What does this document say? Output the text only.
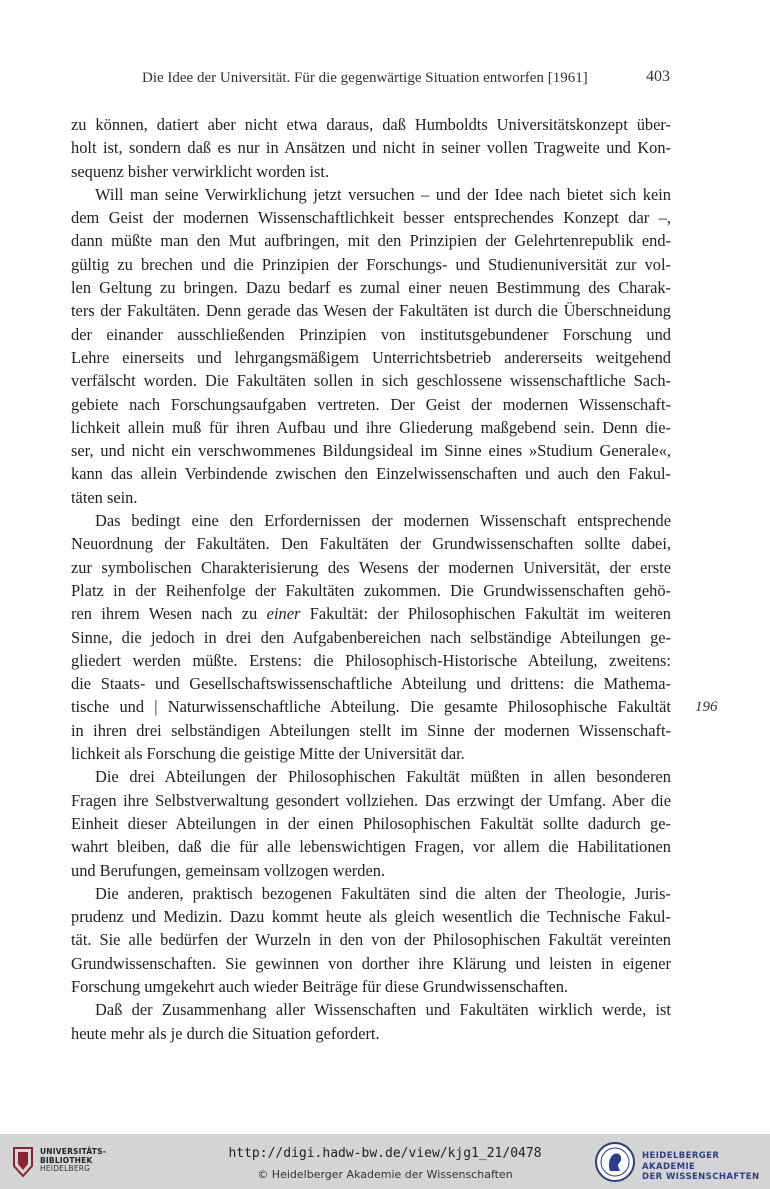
Die Idee der Universität. Für die gegenwärtige Situation entworfen [1961]	403
zu können, datiert aber nicht etwa daraus, daß Humboldts Universitätskonzept über-
holt ist, sondern daß es nur in Ansätzen und nicht in seiner vollen Tragweite und Kon-
sequenz bisher verwirklicht worden ist.
Will man seine Verwirklichung jetzt versuchen – und der Idee nach bietet sich kein
dem Geist der modernen Wissenschaftlichkeit besser entsprechendes Konzept dar –,
dann müßte man den Mut aufbringen, mit den Prinzipien der Gelehrtenrepublik end-
gültig zu brechen und die Prinzipien der Forschungs- und Studienuniversität zur vol-
len Geltung zu bringen. Dazu bedarf es zumal einer neuen Bestimmung des Charak-
ters der Fakultäten. Denn gerade das Wesen der Fakultäten ist durch die Überschneidung
der einander ausschließenden Prinzipien von institutsgebundener Forschung und
Lehre einerseits und lehrgangsmäßigem Unterrichtsbetrieb andererseits weitgehend
verfälscht worden. Die Fakultäten sollen in sich geschlossene wissenschaftliche Sach-
gebiete nach Forschungsaufgaben vertreten. Der Geist der modernen Wissenschaft-
lichkeit allein muß für ihren Aufbau und ihre Gliederung maßgebend sein. Denn die-
ser, und nicht ein verschwommenes Bildungsideal im Sinne eines »Studium Generale«,
kann das allein Verbindende zwischen den Einzelwissenschaften und auch den Fakul-
täten sein.
Das bedingt eine den Erfordernissen der modernen Wissenschaft entsprechende
Neuordnung der Fakultäten. Den Fakultäten der Grundwissenschaften sollte dabei,
zur symbolischen Charakterisierung des Wesens der modernen Universität, der erste
Platz in der Reihenfolge der Fakultäten zukommen. Die Grundwissenschaften gehö-
ren ihrem Wesen nach zu einer Fakultät: der Philosophischen Fakultät im weiteren
Sinne, die jedoch in drei den Aufgabenbereichen nach selbständige Abteilungen ge-
gliedert werden müßte. Erstens: die Philosophisch-Historische Abteilung, zweitens:
die Staats- und Gesellschaftswissenschaftliche Abteilung und drittens: die Mathema-
tische und | Naturwissenschaftliche Abteilung. Die gesamte Philosophische Fakultät
in ihren drei selbständigen Abteilungen stellt im Sinne der modernen Wissenschaft-
lichkeit als Forschung die geistige Mitte der Universität dar.
Die drei Abteilungen der Philosophischen Fakultät müßten in allen besonderen
Fragen ihre Selbstverwaltung gesondert vollziehen. Das erzwingt der Umfang. Aber die
Einheit dieser Abteilungen in der einen Philosophischen Fakultät sollte dadurch ge-
wahrt bleiben, daß die für alle lebenswichtigen Fragen, vor allem die Habilitationen
und Berufungen, gemeinsam vollzogen werden.
Die anderen, praktisch bezogenen Fakultäten sind die alten der Theologie, Juris-
prudenz und Medizin. Dazu kommt heute als gleich wesentlich die Technische Fakul-
tät. Sie alle bedürfen der Wurzeln in den von der Philosophischen Fakultät vereinten
Grundwissenschaften. Sie gewinnen von dorther ihre Klärung und leisten in eigener
Forschung umgekehrt auch wieder Beiträge für diese Grundwissenschaften.
Daß der Zusammenhang aller Wissenschaften und Fakultäten wirklich werde, ist
heute mehr als je durch die Situation gefordert.
196
UNIVERSITÄTS-
BIBLIOTHEK
HEIDELBERG
http://digi.hadw-bw.de/view/kjg1_21/0478
© Heidelberger Akademie der Wissenschaften
HEIDELBERGER AKADEMIE
DER WISSENSCHAFTEN
